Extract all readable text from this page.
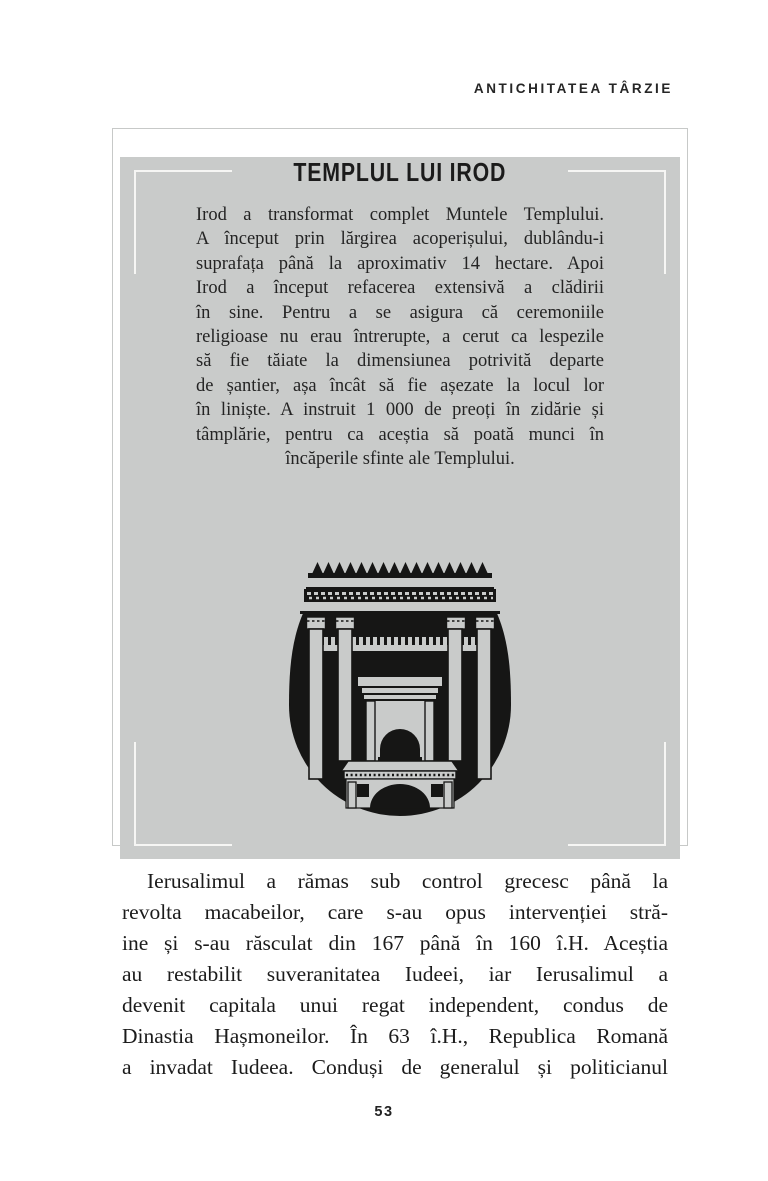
ANTICHITATEA TÂRZIE
TEMPLUL LUI IROD
Irod a transformat complet Muntele Templului.
A început prin lărgirea acoperișului, dublându-i
suprafața până la aproximativ 14 hectare. Apoi
Irod a început refacerea extensivă a clădirii
în sine. Pentru a se asigura că ceremoniile
religioase nu erau întrerupte, a cerut ca lespezile
să fie tăiate la dimensiunea potrivită departe
de șantier, așa încât să fie așezate la locul lor
în liniște. A instruit 1 000 de preoți în zidărie și
tâmplărie, pentru ca aceștia să poată munci în
încăperile sfinte ale Templului.
Ierusalimul a rămas sub control grecesc până la
revolta macabeilor, care s-au opus intervenției stră-
ine și s-au răsculat din 167 până în 160 î.H. Aceștia
au restabilit suveranitatea Iudeei, iar Ierusalimul a
devenit capitala unui regat independent, condus de
Dinastia Hașmoneilor. În 63 î.H., Republica Romană
a invadat Iudeea. Conduși de generalul și politicianul
53
